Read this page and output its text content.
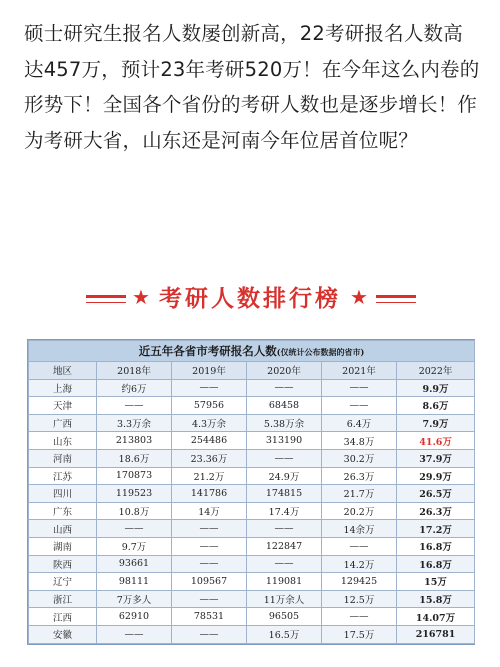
硕士研究生报名人数屡创新高，22考研报名人数高达457万，预计23年考研520万！在今年这么内卷的形势下！全国各个省份的考研人数也是逐步增长！作为考研大省，山东还是河南今年位居首位呢？
★ 考研人数排行榜 ★
近五年各省市考研报名人数(仅统计公布数据的省市)					
地区	2018年	2019年	2020年	2021年	2022年
上海	约6万	——	——	——	9.9万
天津	——	57956	68458	——	8.6万
广西	3.3万余	4.3万余	5.38万余	6.4万	7.9万
山东	213803	254486	313190	34.8万	41.6万
河南	18.6万	23.36万	——	30.2万	37.9万
江苏	170873	21.2万	24.9万	26.3万	29.9万
四川	119523	141786	174815	21.7万	26.5万
广东	10.8万	14万	17.4万	20.2万	26.3万
山西	——	——	——	14余万	17.2万
湖南	9.7万	——	122847	——	16.8万
陕西	93661	——	——	14.2万	16.8万
辽宁	98111	109567	119081	129425	15万
浙江	7万多人	——	11万余人	12.5万	15.8万
江西	62910	78531	96505	——	14.07万
安徽	——	——	16.5万	17.5万	216781
